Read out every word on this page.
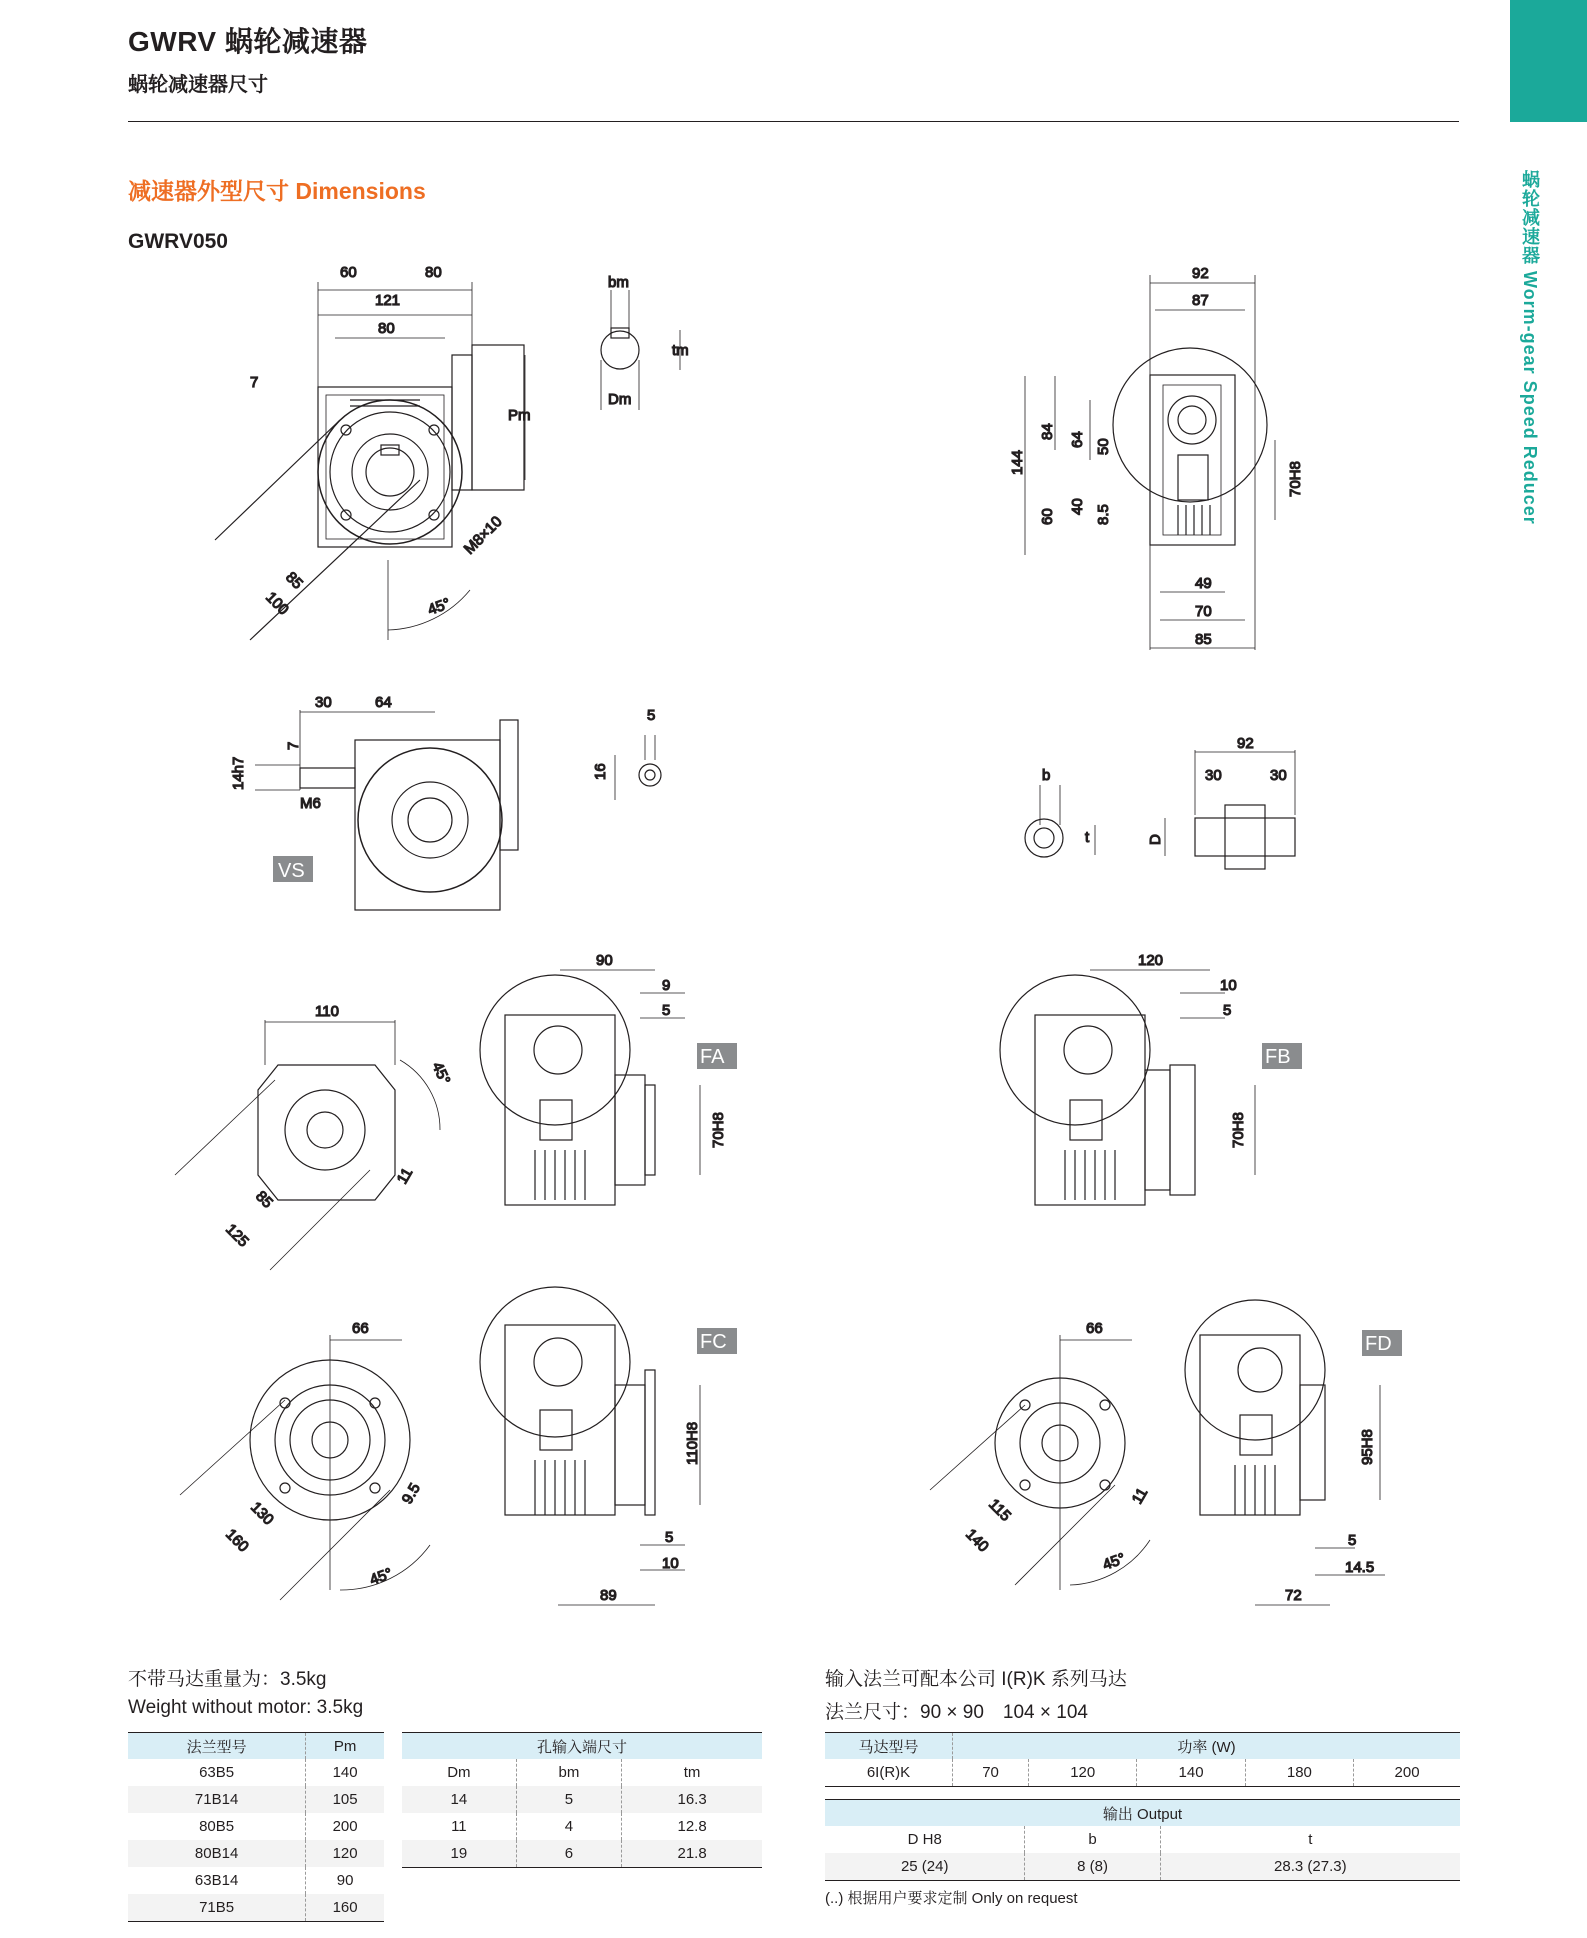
蜗轮减速器 Worm-gear Speed Reducer
GWRV 蜗轮减速器
蜗轮减速器尺寸
减速器外型尺寸 Dimensions
GWRV050
60	80
121
80
7
Pm
85
100
M8×10
45°
bm
tm
Dm
92
87
144
84 64 50
60
40 8.5
70H8
49
70
85
30	64
14h7
7
M6
VS
5
16	b
t	D
92
30	30
110
45°
85
125
11
90
9
5
70H8
FA
120
10
5
70H8
FB
66
130
160
9.5
45°
110H8
5
10
89
FC
66
115
140
11
45°
95H8
5
14.5
72
FD
不带马达重量为：3.5kg
Weight without motor: 3.5kg
输入法兰可配本公司 I(R)K 系列马达
法兰尺寸：90 × 90　104 × 104
法兰型号	Pm
63B5	140
71B14	105
80B5	200
80B14	120
63B14	90
71B5	160
孔输入端尺寸		
Dm	bm	tm
14	5	16.3
11	4	12.8
19	6	21.8
马达型号	功率 (W)				
6I(R)K	70	120	140	180	200
输出 Output		
D H8	b	t
25 (24)	8 (8)	28.3 (27.3)
(..) 根据用户要求定制 Only on request
